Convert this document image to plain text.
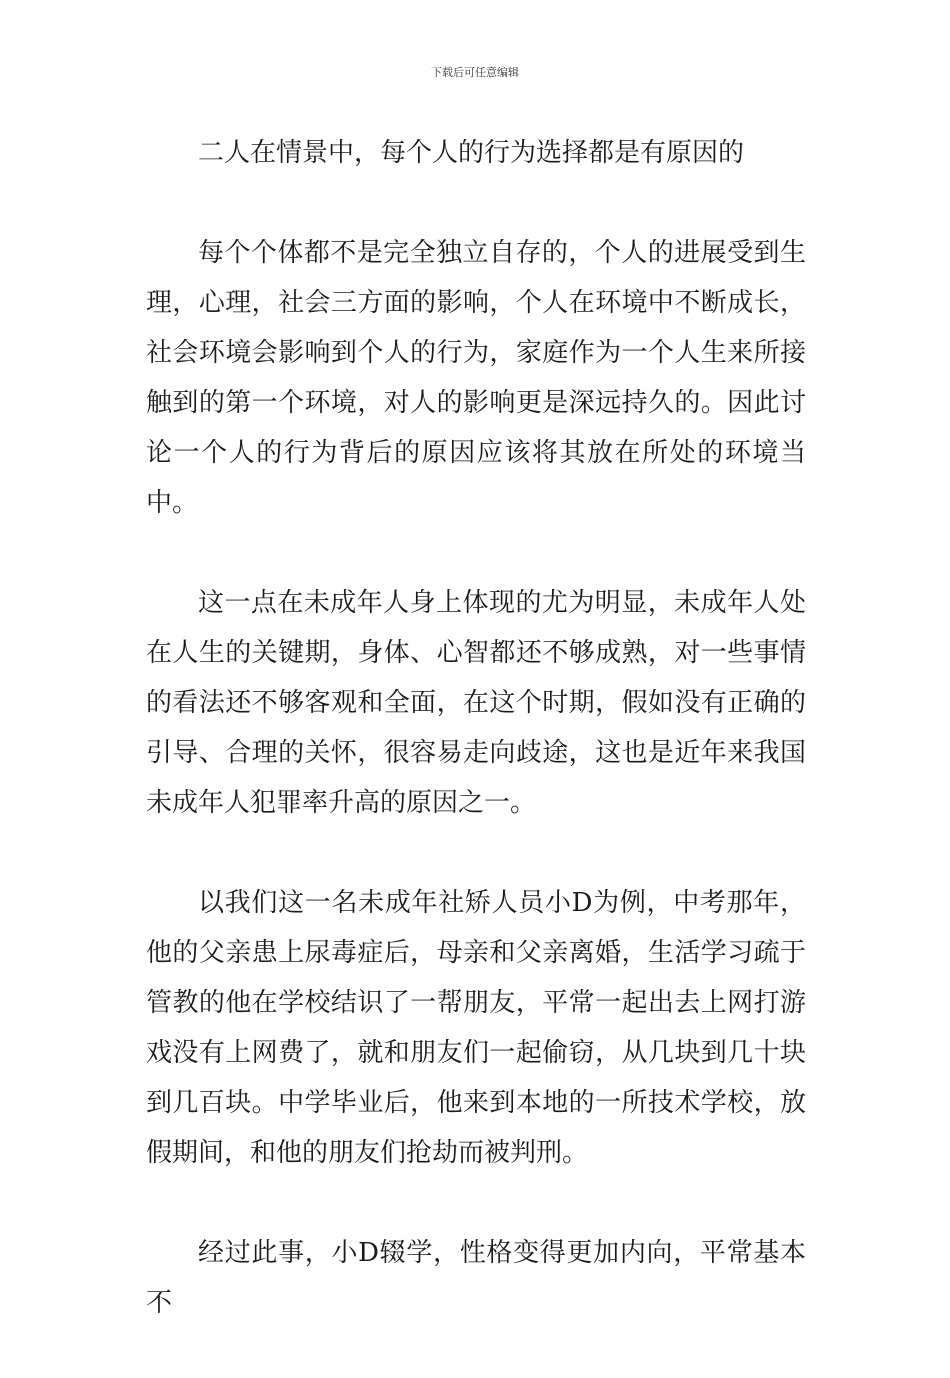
下载后可任意编辑

二人在情景中，每个人的行为选择都是有原因的

每个个体都不是完全独立自存的，个人的进展受到生理，心理，社会三方面的影响，个人在环境中不断成长，社会环境会影响到个人的行为，家庭作为一个人生来所接触到的第一个环境，对人的影响更是深远持久的。因此讨论一个人的行为背后的原因应该将其放在所处的环境当中。

这一点在未成年人身上体现的尤为明显，未成年人处在人生的关键期，身体、心智都还不够成熟，对一些事情的看法还不够客观和全面，在这个时期，假如没有正确的引导、合理的关怀，很容易走向歧途，这也是近年来我国未成年人犯罪率升高的原因之一。

以我们这一名未成年社矫人员小D为例，中考那年，他的父亲患上尿毒症后，母亲和父亲离婚，生活学习疏于管教的他在学校结识了一帮朋友，平常一起出去上网打游戏没有上网费了，就和朋友们一起偷窃，从几块到几十块到几百块。中学毕业后，他来到本地的一所技术学校，放假期间，和他的朋友们抢劫而被判刑。

经过此事，小D辍学，性格变得更加内向，平常基本不
